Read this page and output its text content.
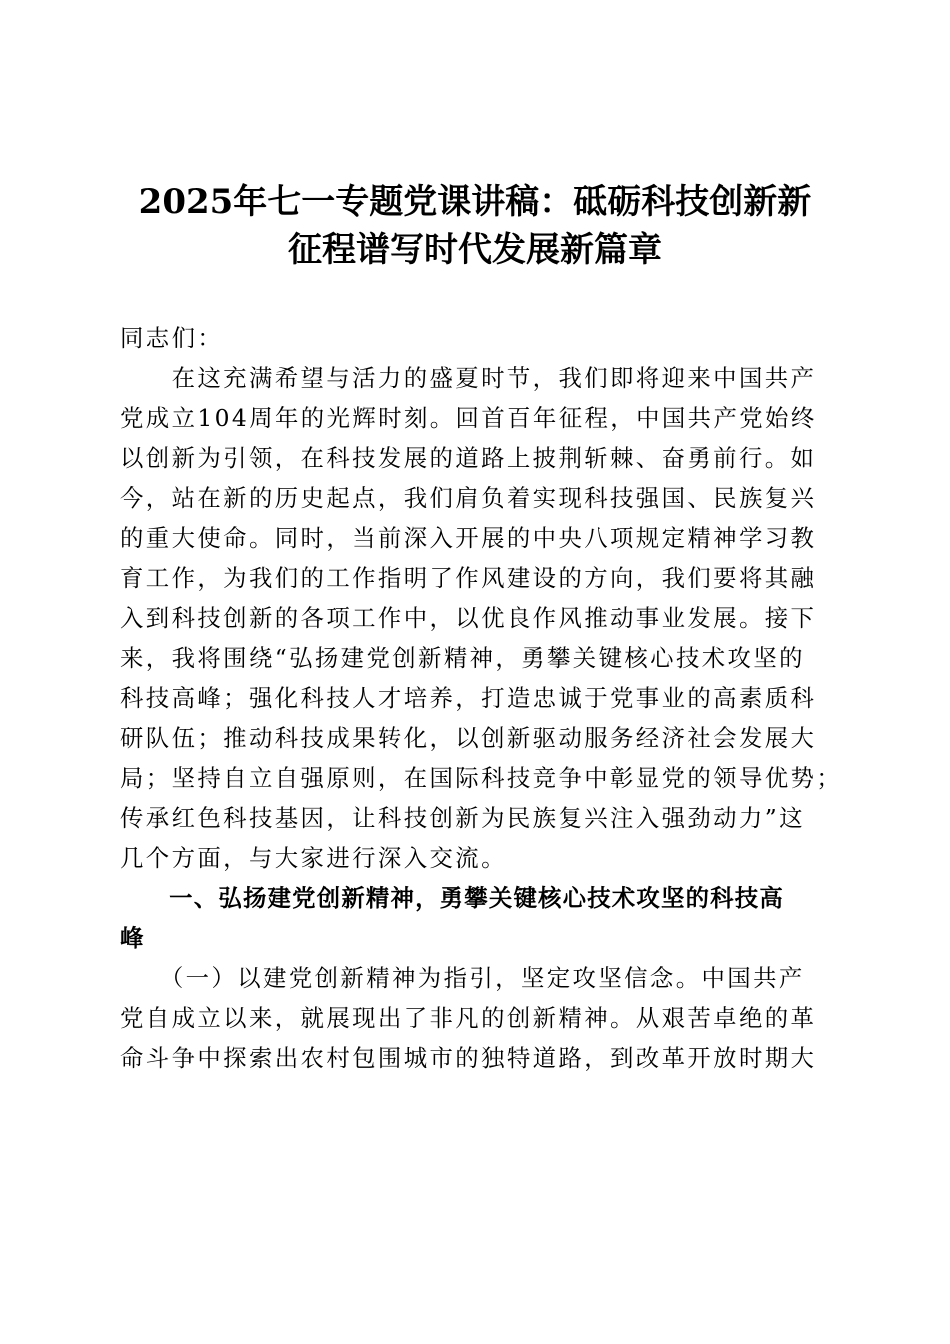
2025年七一专题党课讲稿：砥砺科技创新新
征程谱写时代发展新篇章

同志们：

　　在这充满希望与活力的盛夏时节，我们即将迎来中国共产

党成立104周年的光辉时刻。回首百年征程，中国共产党始终

以创新为引领，在科技发展的道路上披荆斩棘、奋勇前行。如

今，站在新的历史起点，我们肩负着实现科技强国、民族复兴

的重大使命。同时，当前深入开展的中央八项规定精神学习教

育工作，为我们的工作指明了作风建设的方向，我们要将其融

入到科技创新的各项工作中，以优良作风推动事业发展。接下

来，我将围绕“弘扬建党创新精神，勇攀关键核心技术攻坚的

科技高峰；强化科技人才培养，打造忠诚于党事业的高素质科

研队伍；推动科技成果转化，以创新驱动服务经济社会发展大

局；坚持自立自强原则，在国际科技竞争中彰显党的领导优势；

传承红色科技基因，让科技创新为民族复兴注入强劲动力”这

几个方面，与大家进行深入交流。

　　一、弘扬建党创新精神，勇攀关键核心技术攻坚的科技高

峰

　　（一）以建党创新精神为指引，坚定攻坚信念。中国共产

党自成立以来，就展现出了非凡的创新精神。从艰苦卓绝的革

命斗争中探索出农村包围城市的独特道路，到改革开放时期大
